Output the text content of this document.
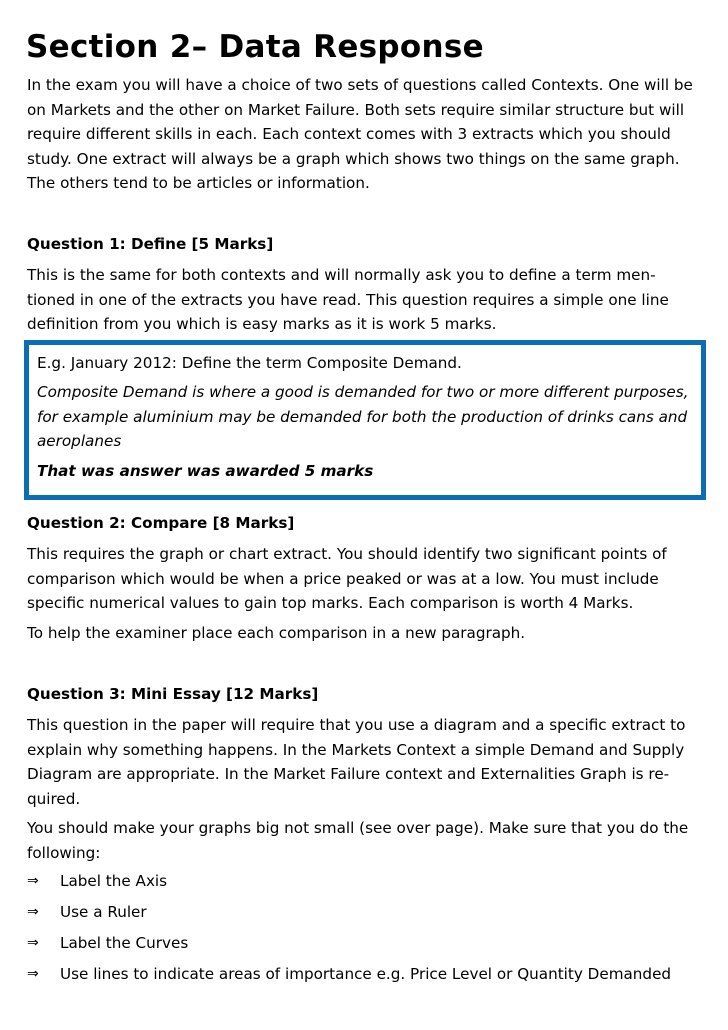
Section 2– Data Response

In the exam you will have a choice of two sets of questions called Contexts. One will be on Markets and the other on Market Failure. Both sets require similar structure but will require different skills in each. Each context comes with 3 extracts which you should study. One extract will always be a graph which shows two things on the same graph. The others tend to be articles or information.

Question 1: Define [5 Marks]

This is the same for both contexts and will normally ask you to define a term men-tioned in one of the extracts you have read. This question requires a simple one line definition from you which is easy marks as it is work 5 marks.

E.g. January 2012: Define the term Composite Demand.

Composite Demand is where a good is demanded for two or more different purposes, for example aluminium may be demanded for both the production of drinks cans and aeroplanes

That was answer was awarded 5 marks

Question 2: Compare [8 Marks]

This requires the graph or chart extract. You should identify two significant points of comparison which would be when a price peaked or was at a low. You must include specific numerical values to gain top marks. Each comparison is worth 4 Marks.

To help the examiner place each comparison in a new paragraph.

Question 3: Mini Essay [12 Marks]

This question in the paper will require that you use a diagram and a specific extract to explain why something happens. In the Markets Context a simple Demand and Supply Diagram are appropriate. In the Market Failure context and Externalities Graph is re-quired.

You should make your graphs big not small (see over page). Make sure that you do the following:

⇒	Label the Axis
⇒	Use a Ruler
⇒	Label the Curves
⇒	Use lines to indicate areas of importance e.g. Price Level or Quantity Demanded
